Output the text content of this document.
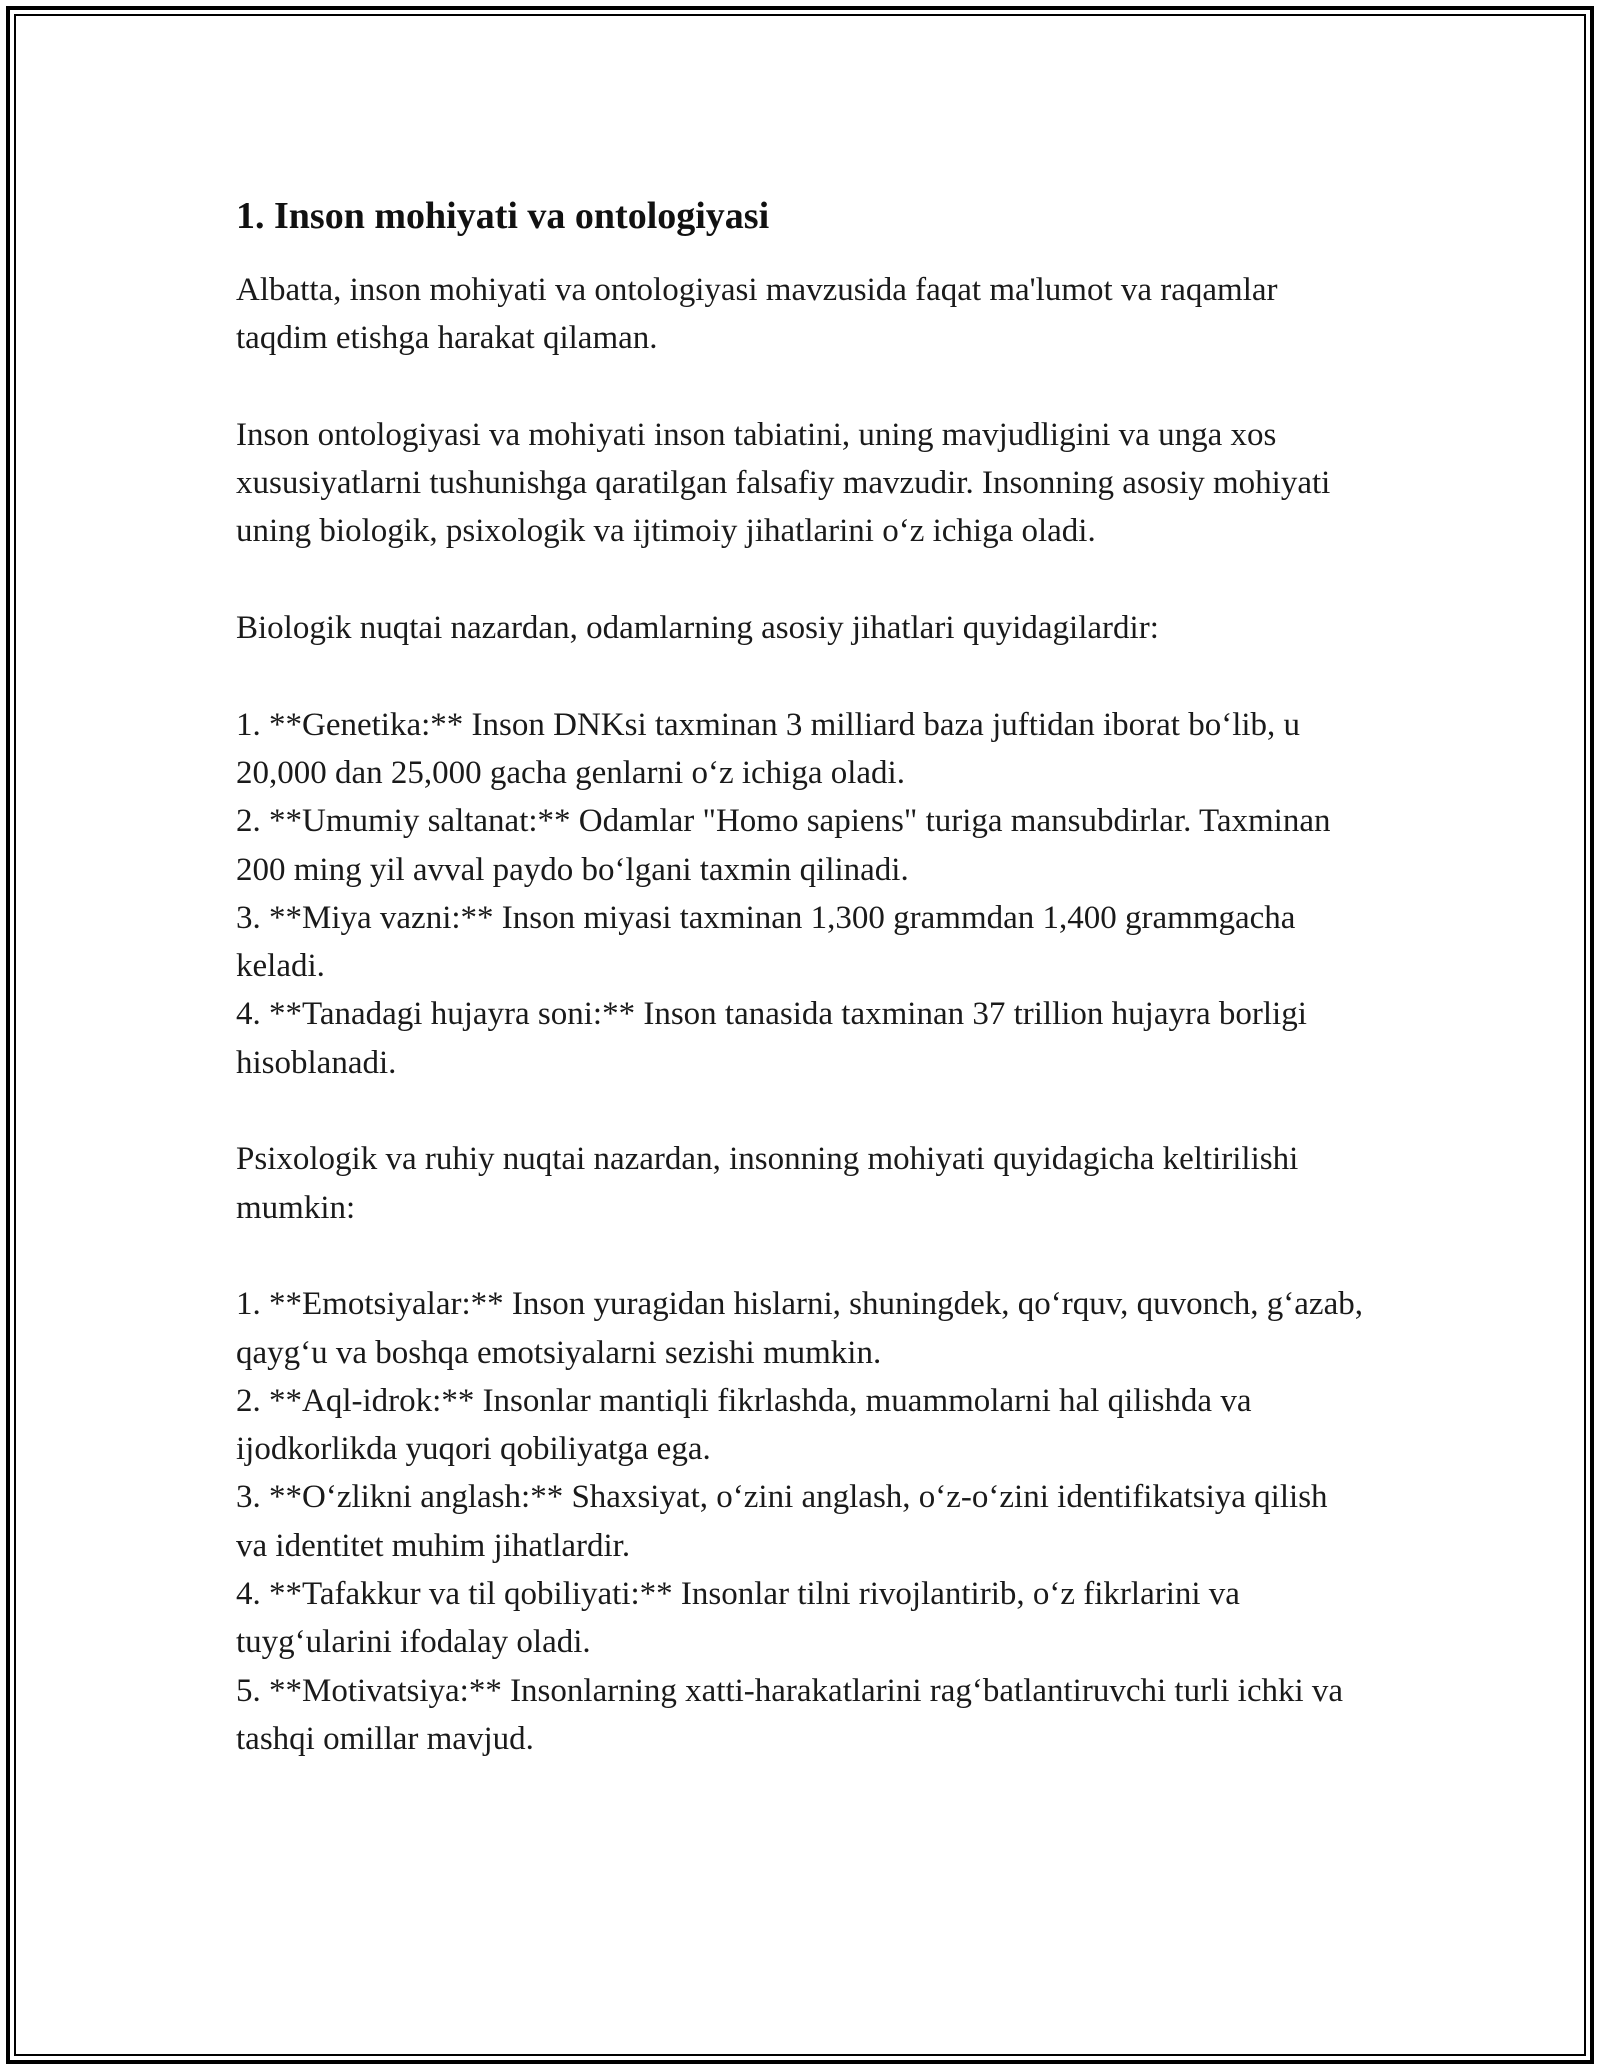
1. Inson mohiyati va ontologiyasi

Albatta, inson mohiyati va ontologiyasi mavzusida faqat ma'lumot va raqamlar taqdim etishga harakat qilaman.

Inson ontologiyasi va mohiyati inson tabiatini, uning mavjudligini va unga xos xususiyatlarni tushunishga qaratilgan falsafiy mavzudir. Insonning asosiy mohiyati uning biologik, psixologik va ijtimoiy jihatlarini oʻz ichiga oladi.

Biologik nuqtai nazardan, odamlarning asosiy jihatlari quyidagilardir:

1. **Genetika:** Inson DNKsi taxminan 3 milliard baza juftidan iborat boʻlib, u 20,000 dan 25,000 gacha genlarni oʻz ichiga oladi.

2. **Umumiy saltanat:** Odamlar "Homo sapiens" turiga mansubdirlar. Taxminan 200 ming yil avval paydo boʻlgani taxmin qilinadi.

3. **Miya vazni:** Inson miyasi taxminan 1,300 grammdan 1,400 grammgacha keladi.

4. **Tanadagi hujayra soni:** Inson tanasida taxminan 37 trillion hujayra borligi hisoblanadi.

Psixologik va ruhiy nuqtai nazardan, insonning mohiyati quyidagicha keltirilishi mumkin:

1. **Emotsiyalar:** Inson yuragidan hislarni, shuningdek, qoʻrquv, quvonch, gʻazab, qaygʻu va boshqa emotsiyalarni sezishi mumkin.

2. **Aql-idrok:** Insonlar mantiqli fikrlashda, muammolarni hal qilishda va ijodkorlikda yuqori qobiliyatga ega.

3. **Oʻzlikni anglash:** Shaxsiyat, oʻzini anglash, oʻz-oʻzini identifikatsiya qilish va identitet muhim jihatlardir.

4. **Tafakkur va til qobiliyati:** Insonlar tilni rivojlantirib, oʻz fikrlarini va tuygʻularini ifodalay oladi.

5. **Motivatsiya:** Insonlarning xatti-harakatlarini ragʻbatlantiruvchi turli ichki va tashqi omillar mavjud.
